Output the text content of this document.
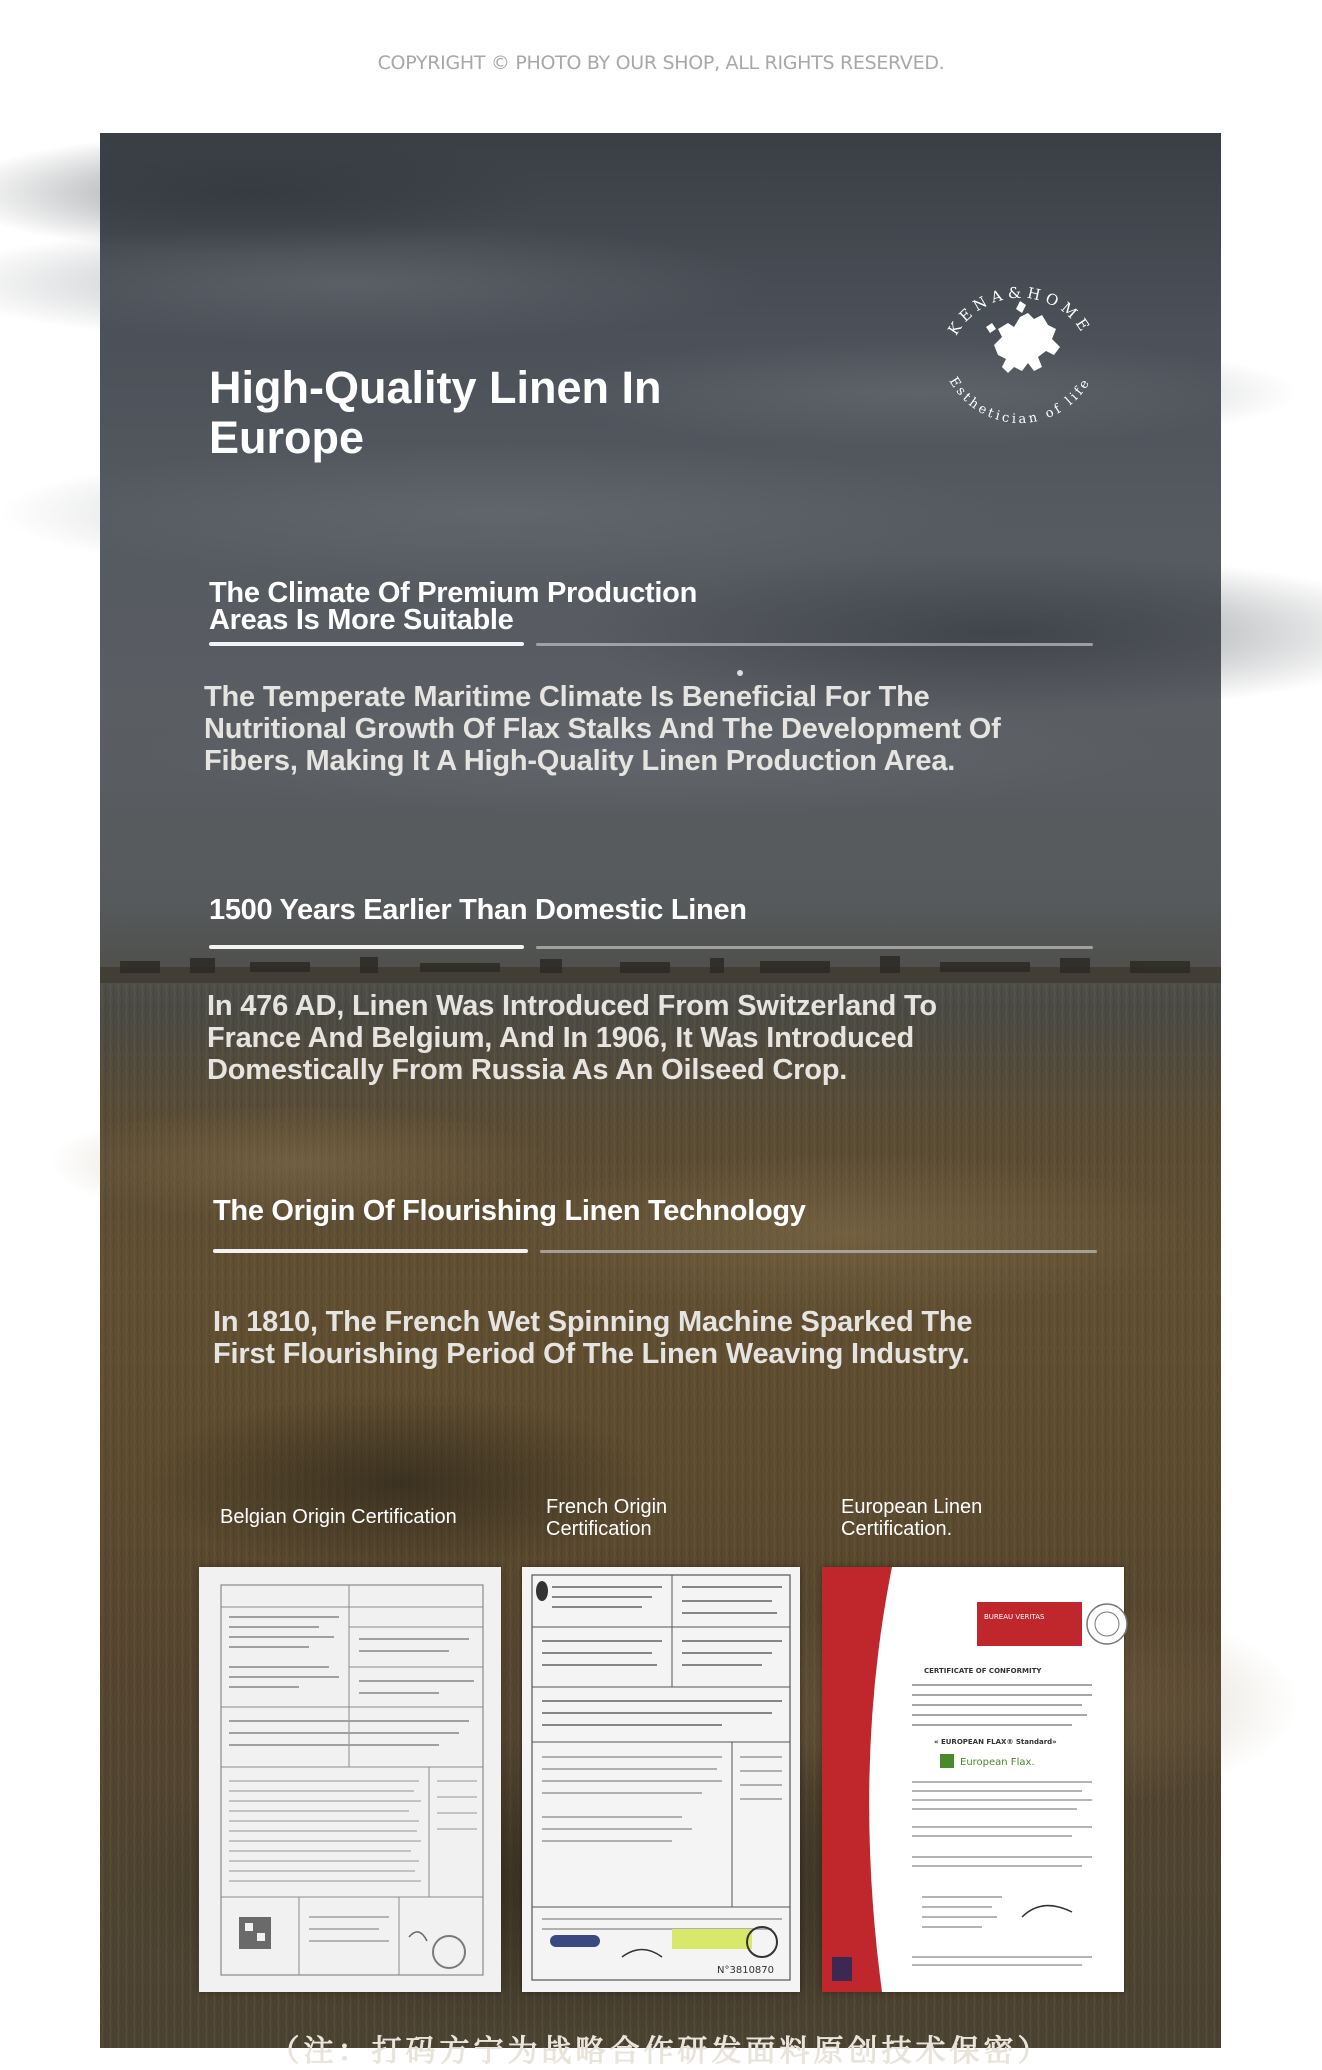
COPYRIGHT © PHOTO BY OUR SHOP, ALL RIGHTS RESERVED.
KENA&HOME
Esthetician of life
High-Quality Linen In Europe
The Climate Of Premium Production Areas Is More Suitable

The Temperate Maritime Climate Is Beneficial For The Nutritional Growth Of Flax Stalks And The Development Of Fibers, Making It A High-Quality Linen Production Area.

1500 Years Earlier Than Domestic Linen

In 476 AD, Linen Was Introduced From Switzerland To France And Belgium, And In 1906, It Was Introduced Domestically From Russia As An Oilseed Crop.

The Origin Of Flourishing Linen Technology

In 1810, The French Wet Spinning Machine Sparked The First Flourishing Period Of The Linen Weaving Industry.

Belgian Origin Certification	French Origin Certification
European Linen Certification.
N°3810870
BUREAU VERITAS
CERTIFICATE OF CONFORMITY
« EUROPEAN FLAX® Standard»
European Flax.
（注：打码方宁为战略合作研发面料原创技术保密）
